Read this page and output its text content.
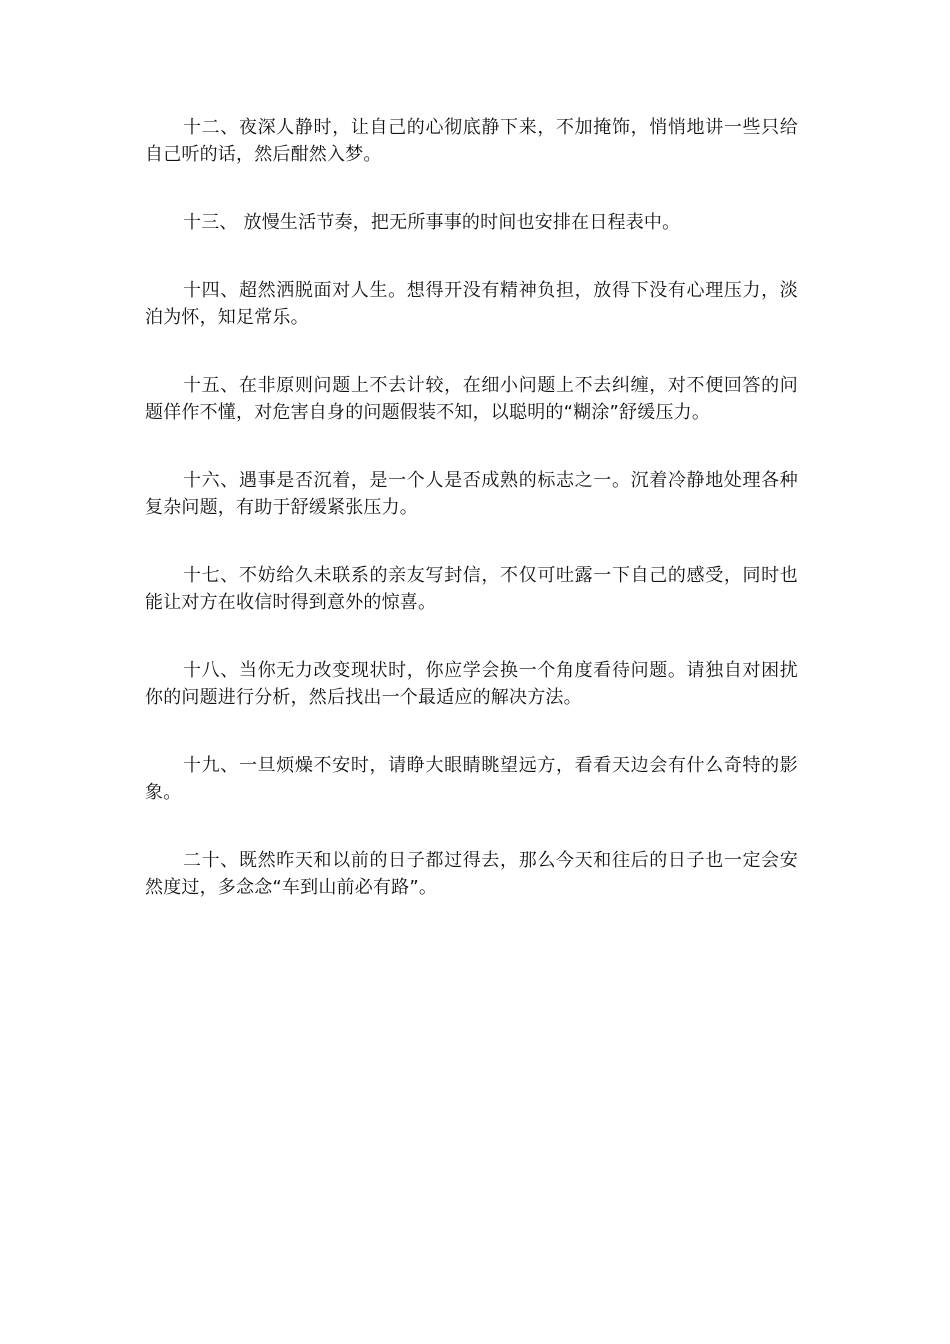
十二、夜深人静时，让自己的心彻底静下来，不加掩饰，悄悄地讲一些只给自己听的话，然后酣然入梦。

十三、 放慢生活节奏，把无所事事的时间也安排在日程表中。

十四、超然洒脱面对人生。想得开没有精神负担，放得下没有心理压力，淡泊为怀，知足常乐。

十五、在非原则问题上不去计较，在细小问题上不去纠缠，对不便回答的问题佯作不懂，对危害自身的问题假装不知，以聪明的“糊涂”舒缓压力。

十六、遇事是否沉着，是一个人是否成熟的标志之一。沉着冷静地处理各种复杂问题，有助于舒缓紧张压力。

十七、不妨给久未联系的亲友写封信，不仅可吐露一下自己的感受，同时也能让对方在收信时得到意外的惊喜。

十八、当你无力改变现状时，你应学会换一个角度看待问题。请独自对困扰你的问题进行分析，然后找出一个最适应的解决方法。

十九、一旦烦燥不安时，请睁大眼睛眺望远方，看看天边会有什么奇特的影象。

二十、既然昨天和以前的日子都过得去，那么今天和往后的日子也一定会安然度过，多念念“车到山前必有路”。
